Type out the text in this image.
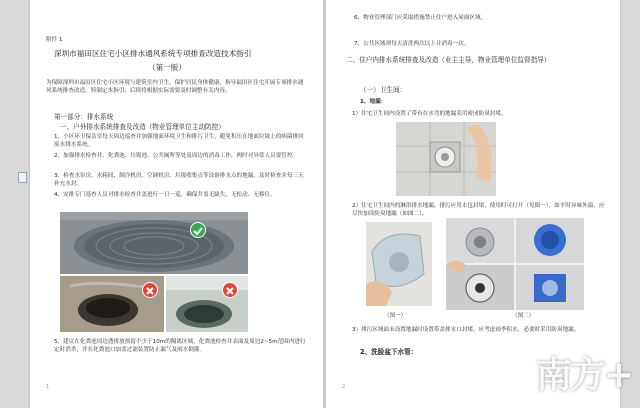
附件 1
深圳市福田区住宅小区排水通风系统专项排查改造技术指引
（第一版）
为保障深圳市福田区住宅小区环境与建筑室内卫生，保护居民身体健康，指导福田区住宅开展专项排水通风系统排查改造，特制定本指引；后续将根据实际需要及时调整有关内容。
第一部分：排水系统
一、户外排水系统排查及改造（物业管理单位主动防控）
1、小区环卫保洁室每天周边巡查并加强地面环境卫生和排污卫生，避免积压在地面垃圾上的病菌排回废水排水系统。
2、加强排水检查井、化粪池、垃圾池、公共厕所等处及周边的消毒工作，两时对异常人员要管控。
3、检查水泵房、水箱间、制冷机房、空调机房、垃圾收集点等设备排水点的地漏，及时检查并每三天补充水封。
4、安排专门巡查人员对排水检查井盖进行一日一巡，确保井盖无缺失、无松动、无移位。
5、建议在化粪池周边透排放预留不少于10m的隔离区域，化粪池检查井表面及周边2~5m范围内进行定时消杀，并在化粪池口加盖过滤装置防止漏气及雨水倒灌。
1
6、物业管理部门应采取措施禁止住户进入屋面区域。
7、公共区域须每天清洗两次以上并消毒一次。
二、住户内排水系统排查及改造（业主主导，物业管理单位监督指导）
（一）卫生间：
1、地漏：
1）住宅卫生间内设置了带有存水弯的地漏采用密闭防臭封堵。
2）住宅卫生间内的淋浴排水地漏，排污应用水包封堵，使用时可打开（见图一），如平时异味外溢，应尽快加设防臭地漏（如图二）。
（图一）	（图二）
3）排污区域面未设置地漏时设置带盖排水口封堵，应考虑雨季积水，必要时采用防臭地漏。
2、洗脸盆下水管：
2	南方+
